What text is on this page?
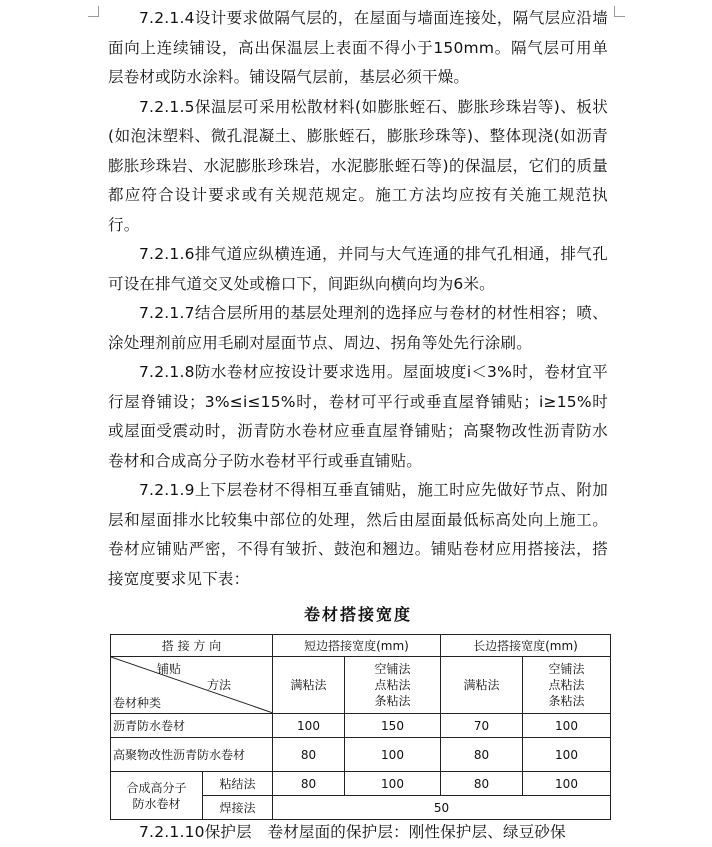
7.2.1.4设计要求做隔气层的，在屋面与墙面连接处，隔气层应沿墙面向上连续铺设，高出保温层上表面不得小于150mm。隔气层可用单层卷材或防水涂料。铺设隔气层前，基层必须干燥。

7.2.1.5保温层可采用松散材料(如膨胀蛭石、膨胀珍珠岩等)、板状(如泡沫塑料、微孔混凝土、膨胀蛭石，膨胀珍珠等)、整体现浇(如沥青膨胀珍珠岩、水泥膨胀珍珠岩，水泥膨胀蛭石等)的保温层，它们的质量都应符合设计要求或有关规范规定。施工方法均应按有关施工规范执行。

7.2.1.6排气道应纵横连通，并同与大气连通的排气孔相通，排气孔可设在排气道交叉处或檐口下，间距纵向横向均为6米。

7.2.1.7结合层所用的基层处理剂的选择应与卷材的材性相容；喷、涂处理剂前应用毛刷对屋面节点、周边、拐角等处先行涂刷。

7.2.1.8防水卷材应按设计要求选用。屋面坡度i＜3%时，卷材宜平行屋脊铺设；3%≤i≤15%时，卷材可平行或垂直屋脊铺贴；i≥15%时或屋面受震动时，沥青防水卷材应垂直屋脊铺贴；高聚物改性沥青防水卷材和合成高分子防水卷材平行或垂直铺贴。

7.2.1.9上下层卷材不得相互垂直铺贴，施工时应先做好节点、附加层和屋面排水比较集中部位的处理，然后由屋面最低标高处向上施工。卷材应铺贴严密，不得有皱折、鼓泡和翘边。铺贴卷材应用搭接法，搭接宽度要求见下表：

卷材搭接宽度
搭 接 方 向		短边搭接宽度(mm)		长边搭接宽度(mm)	

铺贴
方法
卷材种类		满粘法	空铺法
点粘法
条粘法	满粘法	空铺法
点粘法
条粘法
沥青防水卷材		100	150	70	100
高聚物改性沥青防水卷材		80	100	80	100
合成高分子
防水卷材	粘结法	80	100	80	100
	焊接法	50			
7.2.1.10保护层　卷材屋面的保护层：刚性保护层、绿豆砂保
